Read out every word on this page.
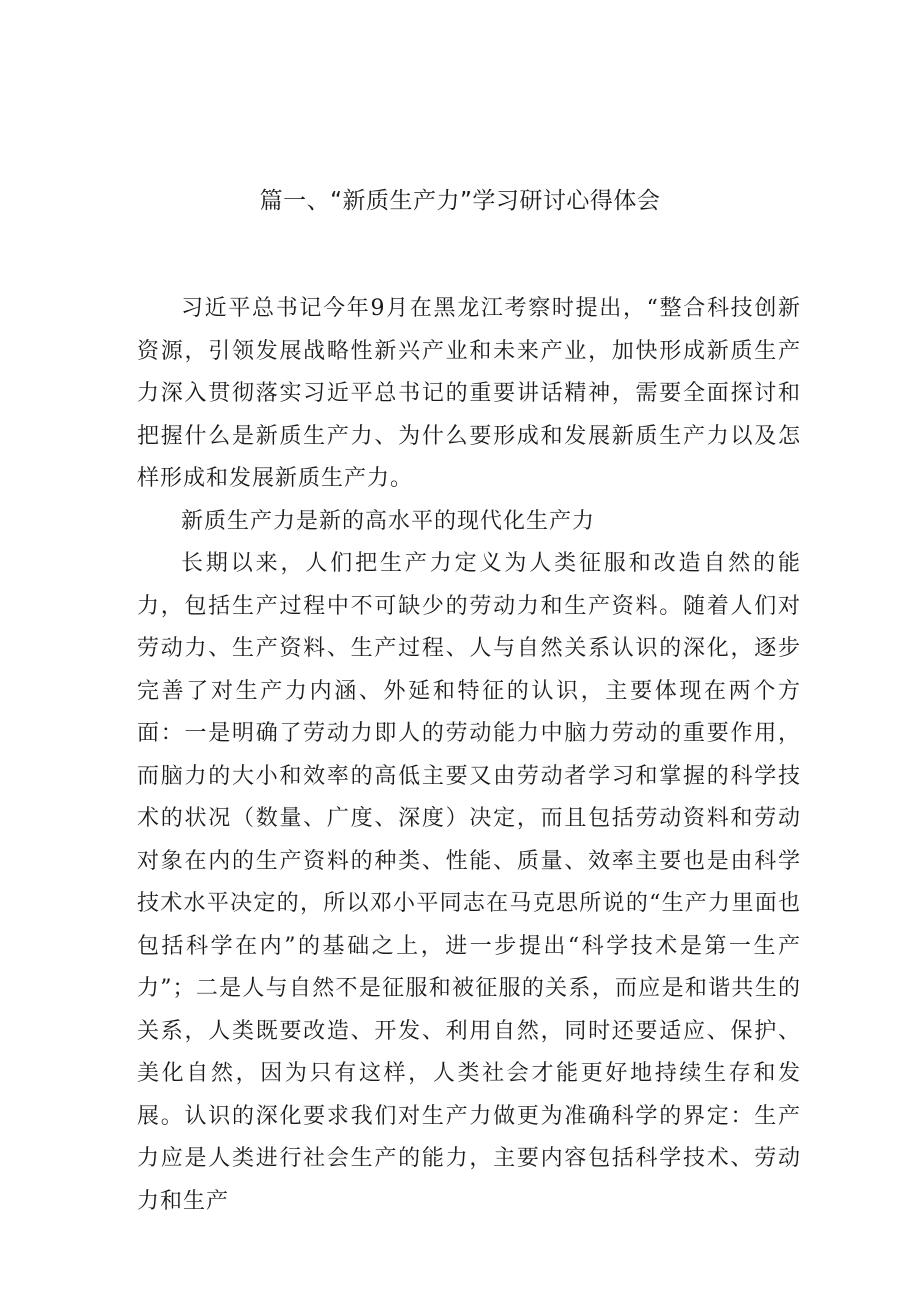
篇一、“新质生产力”学习研讨心得体会

习近平总书记今年9月在黑龙江考察时提出，“整合科技创新资源，引领发展战略性新兴产业和未来产业，加快形成新质生产力深入贯彻落实习近平总书记的重要讲话精神，需要全面探讨和把握什么是新质生产力、为什么要形成和发展新质生产力以及怎样形成和发展新质生产力。

新质生产力是新的高水平的现代化生产力

长期以来，人们把生产力定义为人类征服和改造自然的能力，包括生产过程中不可缺少的劳动力和生产资料。随着人们对劳动力、生产资料、生产过程、人与自然关系认识的深化，逐步完善了对生产力内涵、外延和特征的认识，主要体现在两个方面：一是明确了劳动力即人的劳动能力中脑力劳动的重要作用，而脑力的大小和效率的高低主要又由劳动者学习和掌握的科学技术的状况（数量、广度、深度）决定，而且包括劳动资料和劳动对象在内的生产资料的种类、性能、质量、效率主要也是由科学技术水平决定的，所以邓小平同志在马克思所说的“生产力里面也包括科学在内”的基础之上，进一步提出“科学技术是第一生产力”；二是人与自然不是征服和被征服的关系，而应是和谐共生的关系，人类既要改造、开发、利用自然，同时还要适应、保护、美化自然，因为只有这样，人类社会才能更好地持续生存和发展。认识的深化要求我们对生产力做更为准确科学的界定：生产力应是人类进行社会生产的能力，主要内容包括科学技术、劳动力和生产
